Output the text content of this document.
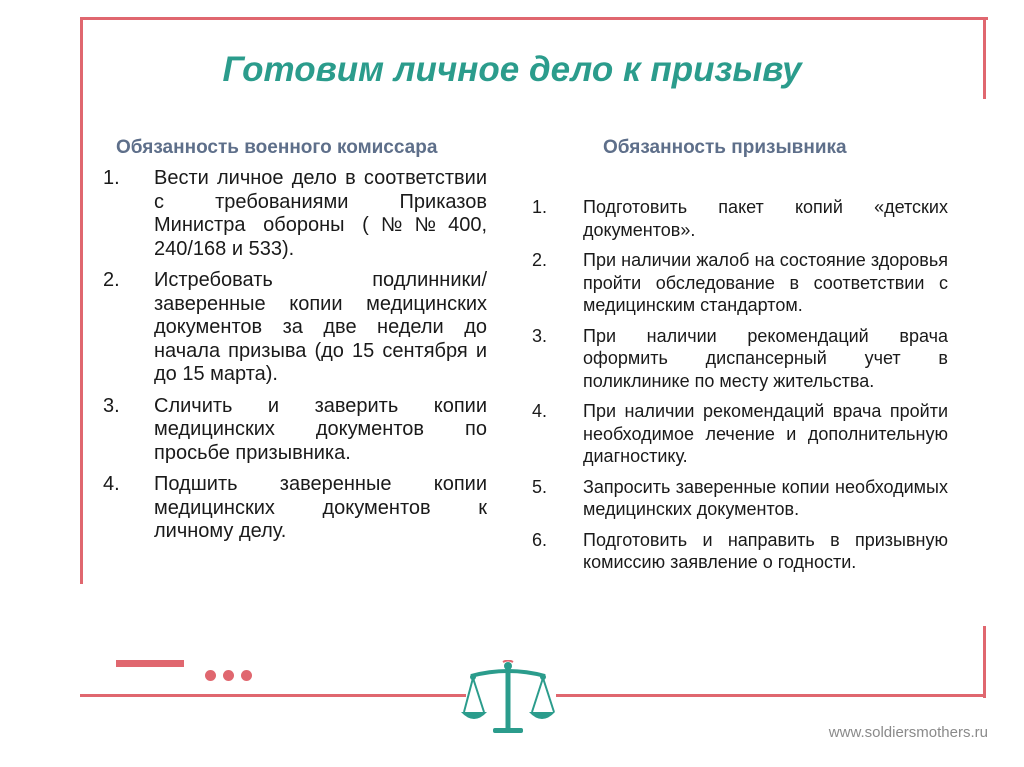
Готовим личное дело к призыву
Обязанность военного комиссара	Обязанность призывника
1.	Вести личное дело в соответствии с требованиями Приказов Министра обороны (№№400, 240/168 и 533).
2.	Истребовать подлинники/заверенные копии медицинских документов за две недели до начала призыва (до 15 сентября и до 15 марта).
3.	Сличить и заверить копии медицинских документов по просьбе призывника.
4.	Подшить заверенные копии медицинских документов к личному делу.
1.	Подготовить пакет копий «детских документов».
2.	При наличии жалоб на состояние здоровья пройти обследование в соответствии с медицинским стандартом.
3.	При наличии рекомендаций врача оформить диспансерный учет в поликлинике по месту жительства.
4.	При наличии рекомендаций врача пройти необходимое лечение и дополнительную диагностику.
5.	Запросить заверенные копии необходимых медицинских документов.
6.	Подготовить и направить в призывную комиссию заявление о годности.
www.soldiersmothers.ru
